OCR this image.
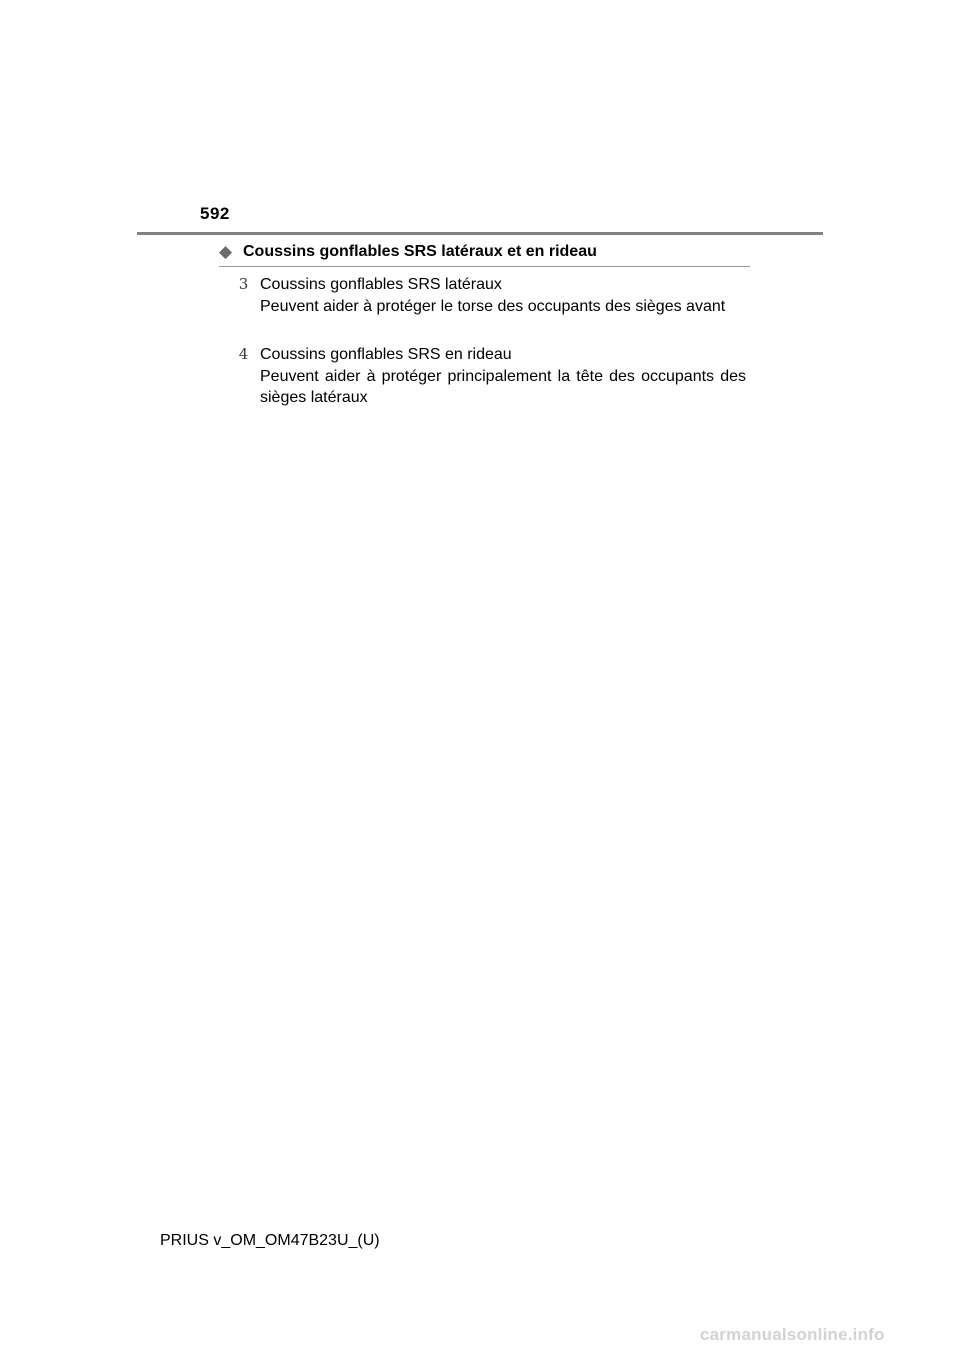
592
◆ Coussins gonflables SRS latéraux et en rideau
3 Coussins gonflables SRS latéraux
Peuvent aider à protéger le torse des occupants des sièges avant
4 Coussins gonflables SRS en rideau
Peuvent aider à protéger principalement la tête des occupants des sièges latéraux
PRIUS v_OM_OM47B23U_(U)
carmanualsonline.info
